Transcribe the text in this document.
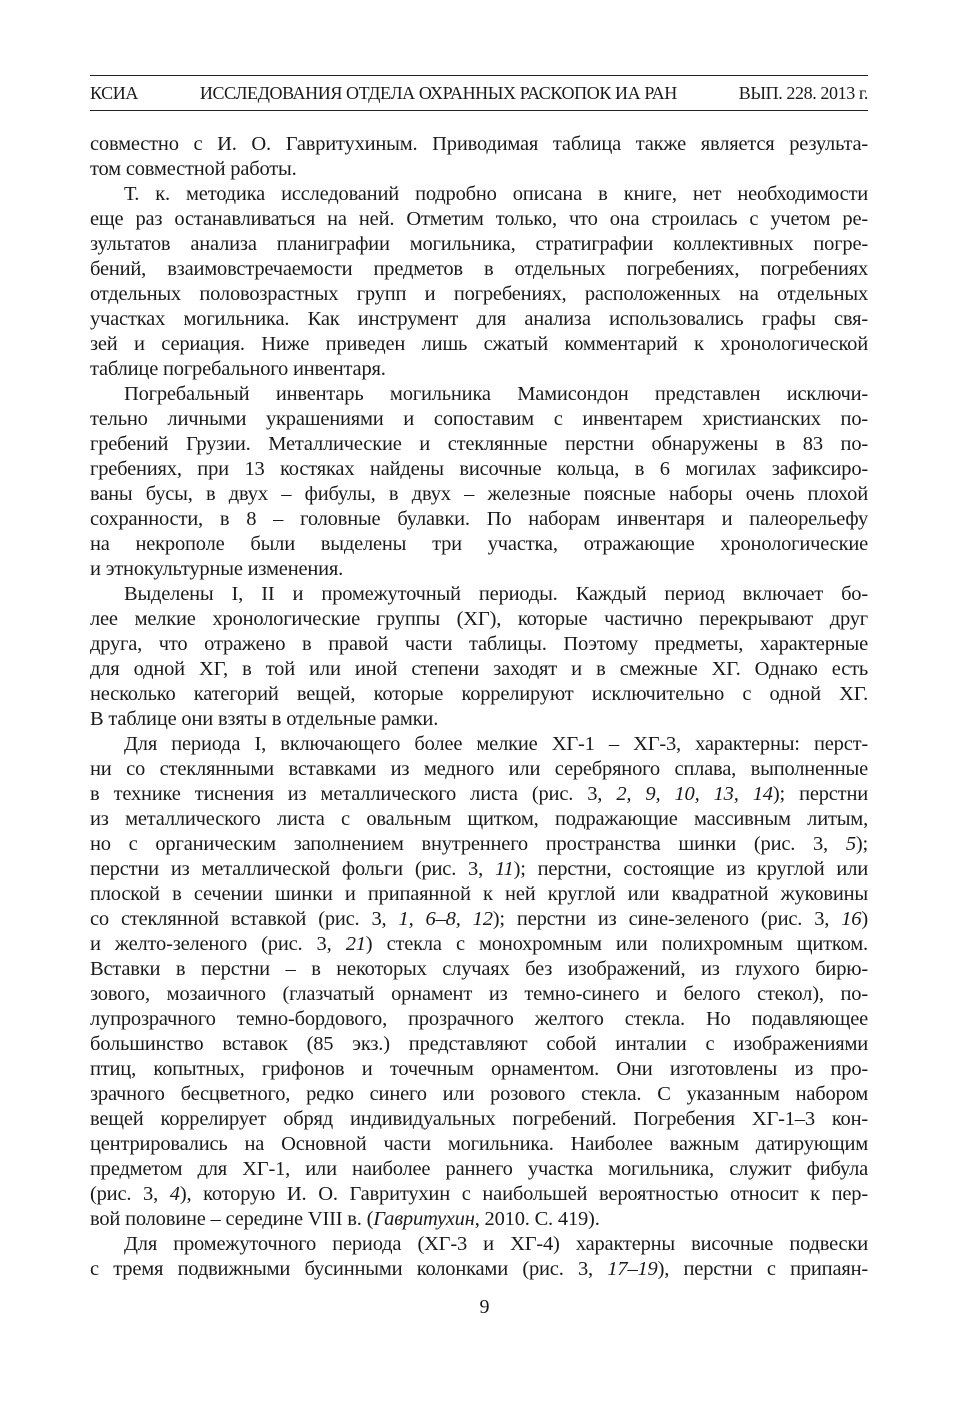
КСИА	ИССЛЕДОВАНИЯ ОТДЕЛА ОХРАННЫХ РАСКОПОК ИА РАН	ВЫП. 228. 2013 г.
совместно с И. О. Гавритухиным. Приводимая таблица также является результа-
том совместной работы.
Т. к. методика исследований подробно описана в книге, нет необходимости
еще раз останавливаться на ней. Отметим только, что она строилась с учетом ре-
зультатов анализа планиграфии могильника, стратиграфии коллективных погре-
бений, взаимовстречаемости предметов в отдельных погребениях, погребениях
отдельных половозрастных групп и погребениях, расположенных на отдельных
участках могильника. Как инструмент для анализа использовались графы свя-
зей и сериация. Ниже приведен лишь сжатый комментарий к хронологической
таблице погребального инвентаря.
Погребальный инвентарь могильника Мамисондон представлен исключи-
тельно личными украшениями и сопоставим с инвентарем христианских по-
гребений Грузии. Металлические и стеклянные перстни обнаружены в 83 по-
гребениях, при 13 костяках найдены височные кольца, в 6 могилах зафиксиро-
ваны бусы, в двух – фибулы, в двух – железные поясные наборы очень плохой
сохранности, в 8 – головные булавки. По наборам инвентаря и палеорельефу
на некрополе были выделены три участка, отражающие хронологические
и этнокультурные изменения.
Выделены I, II и промежуточный периоды. Каждый период включает бо-
лее мелкие хронологические группы (ХГ), которые частично перекрывают друг
друга, что отражено в правой части таблицы. Поэтому предметы, характерные
для одной ХГ, в той или иной степени заходят и в смежные ХГ. Однако есть
несколько категорий вещей, которые коррелируют исключительно с одной ХГ.
В таблице они взяты в отдельные рамки.
Для периода I, включающего более мелкие ХГ-1 – ХГ-3, характерны: перст-
ни со стеклянными вставками из медного или серебряного сплава, выполненные
в технике тиснения из металлического листа (рис. 3, 2, 9, 10, 13, 14); перстни
из металлического листа с овальным щитком, подражающие массивным литым,
но с органическим заполнением внутреннего пространства шинки (рис. 3, 5);
перстни из металлической фольги (рис. 3, 11); перстни, состоящие из круглой или
плоской в сечении шинки и припаянной к ней круглой или квадратной жуковины
со стеклянной вставкой (рис. 3, 1, 6–8, 12); перстни из сине-зеленого (рис. 3, 16)
и желто-зеленого (рис. 3, 21) стекла с монохромным или полихромным щитком.
Вставки в перстни – в некоторых случаях без изображений, из глухого бирю-
зового, мозаичного (глазчатый орнамент из темно-синего и белого стекол), по-
лупрозрачного темно-бордового, прозрачного желтого стекла. Но подавляющее
большинство вставок (85 экз.) представляют собой инталии с изображениями
птиц, копытных, грифонов и точечным орнаментом. Они изготовлены из про-
зрачного бесцветного, редко синего или розового стекла. С указанным набором
вещей коррелирует обряд индивидуальных погребений. Погребения ХГ-1–3 кон-
центрировались на Основной части могильника. Наиболее важным датирующим
предметом для ХГ-1, или наиболее раннего участка могильника, служит фибула
(рис. 3, 4), которую И. О. Гавритухин с наибольшей вероятностью относит к пер-
вой половине – середине VIII в. (Гавритухин, 2010. С. 419).
Для промежуточного периода (ХГ-3 и ХГ-4) характерны височные подвески
с тремя подвижными бусинными колонками (рис. 3, 17–19), перстни с припаян-
9
